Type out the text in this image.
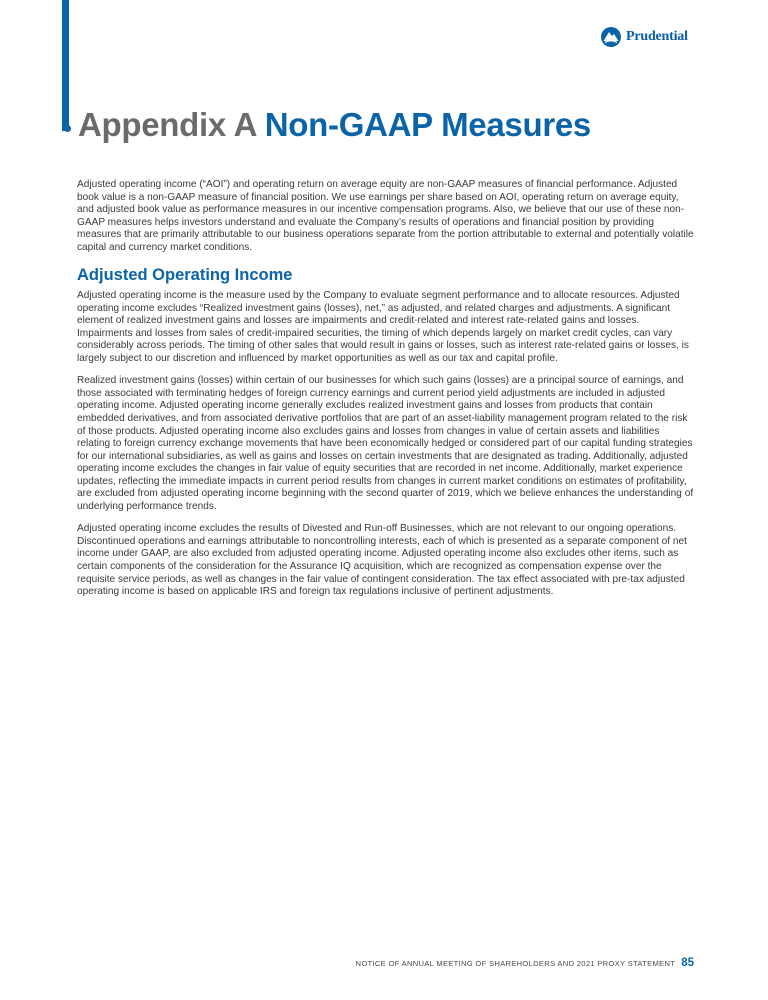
Prudential
Appendix A Non-GAAP Measures

Adjusted operating income (“AOI”) and operating return on average equity are non-GAAP measures of financial performance. Adjusted book value is a non-GAAP measure of financial position. We use earnings per share based on AOI, operating return on average equity, and adjusted book value as performance measures in our incentive compensation programs. Also, we believe that our use of these non-GAAP measures helps investors understand and evaluate the Company’s results of operations and financial position by providing measures that are primarily attributable to our business operations separate from the portion attributable to external and potentially volatile capital and currency market conditions.

Adjusted Operating Income

Adjusted operating income is the measure used by the Company to evaluate segment performance and to allocate resources. Adjusted operating income excludes “Realized investment gains (losses), net,” as adjusted, and related charges and adjustments. A significant element of realized investment gains and losses are impairments and credit-related and interest rate-related gains and losses. Impairments and losses from sales of credit-impaired securities, the timing of which depends largely on market credit cycles, can vary considerably across periods. The timing of other sales that would result in gains or losses, such as interest rate-related gains or losses, is largely subject to our discretion and influenced by market opportunities as well as our tax and capital profile.

Realized investment gains (losses) within certain of our businesses for which such gains (losses) are a principal source of earnings, and those associated with terminating hedges of foreign currency earnings and current period yield adjustments are included in adjusted operating income. Adjusted operating income generally excludes realized investment gains and losses from products that contain embedded derivatives, and from associated derivative portfolios that are part of an asset-liability management program related to the risk of those products. Adjusted operating income also excludes gains and losses from changes in value of certain assets and liabilities relating to foreign currency exchange movements that have been economically hedged or considered part of our capital funding strategies for our international subsidiaries, as well as gains and losses on certain investments that are designated as trading. Additionally, adjusted operating income excludes the changes in fair value of equity securities that are recorded in net income. Additionally, market experience updates, reflecting the immediate impacts in current period results from changes in current market conditions on estimates of profitability, are excluded from adjusted operating income beginning with the second quarter of 2019, which we believe enhances the understanding of underlying performance trends.

Adjusted operating income excludes the results of Divested and Run-off Businesses, which are not relevant to our ongoing operations. Discontinued operations and earnings attributable to noncontrolling interests, each of which is presented as a separate component of net income under GAAP, are also excluded from adjusted operating income. Adjusted operating income also excludes other items, such as certain components of the consideration for the Assurance IQ acquisition, which are recognized as compensation expense over the requisite service periods, as well as changes in the fair value of contingent consideration. The tax effect associated with pre-tax adjusted operating income is based on applicable IRS and foreign tax regulations inclusive of pertinent adjustments.

NOTICE OF ANNUAL MEETING OF SHAREHOLDERS AND 2021 PROXY STATEMENT 85
